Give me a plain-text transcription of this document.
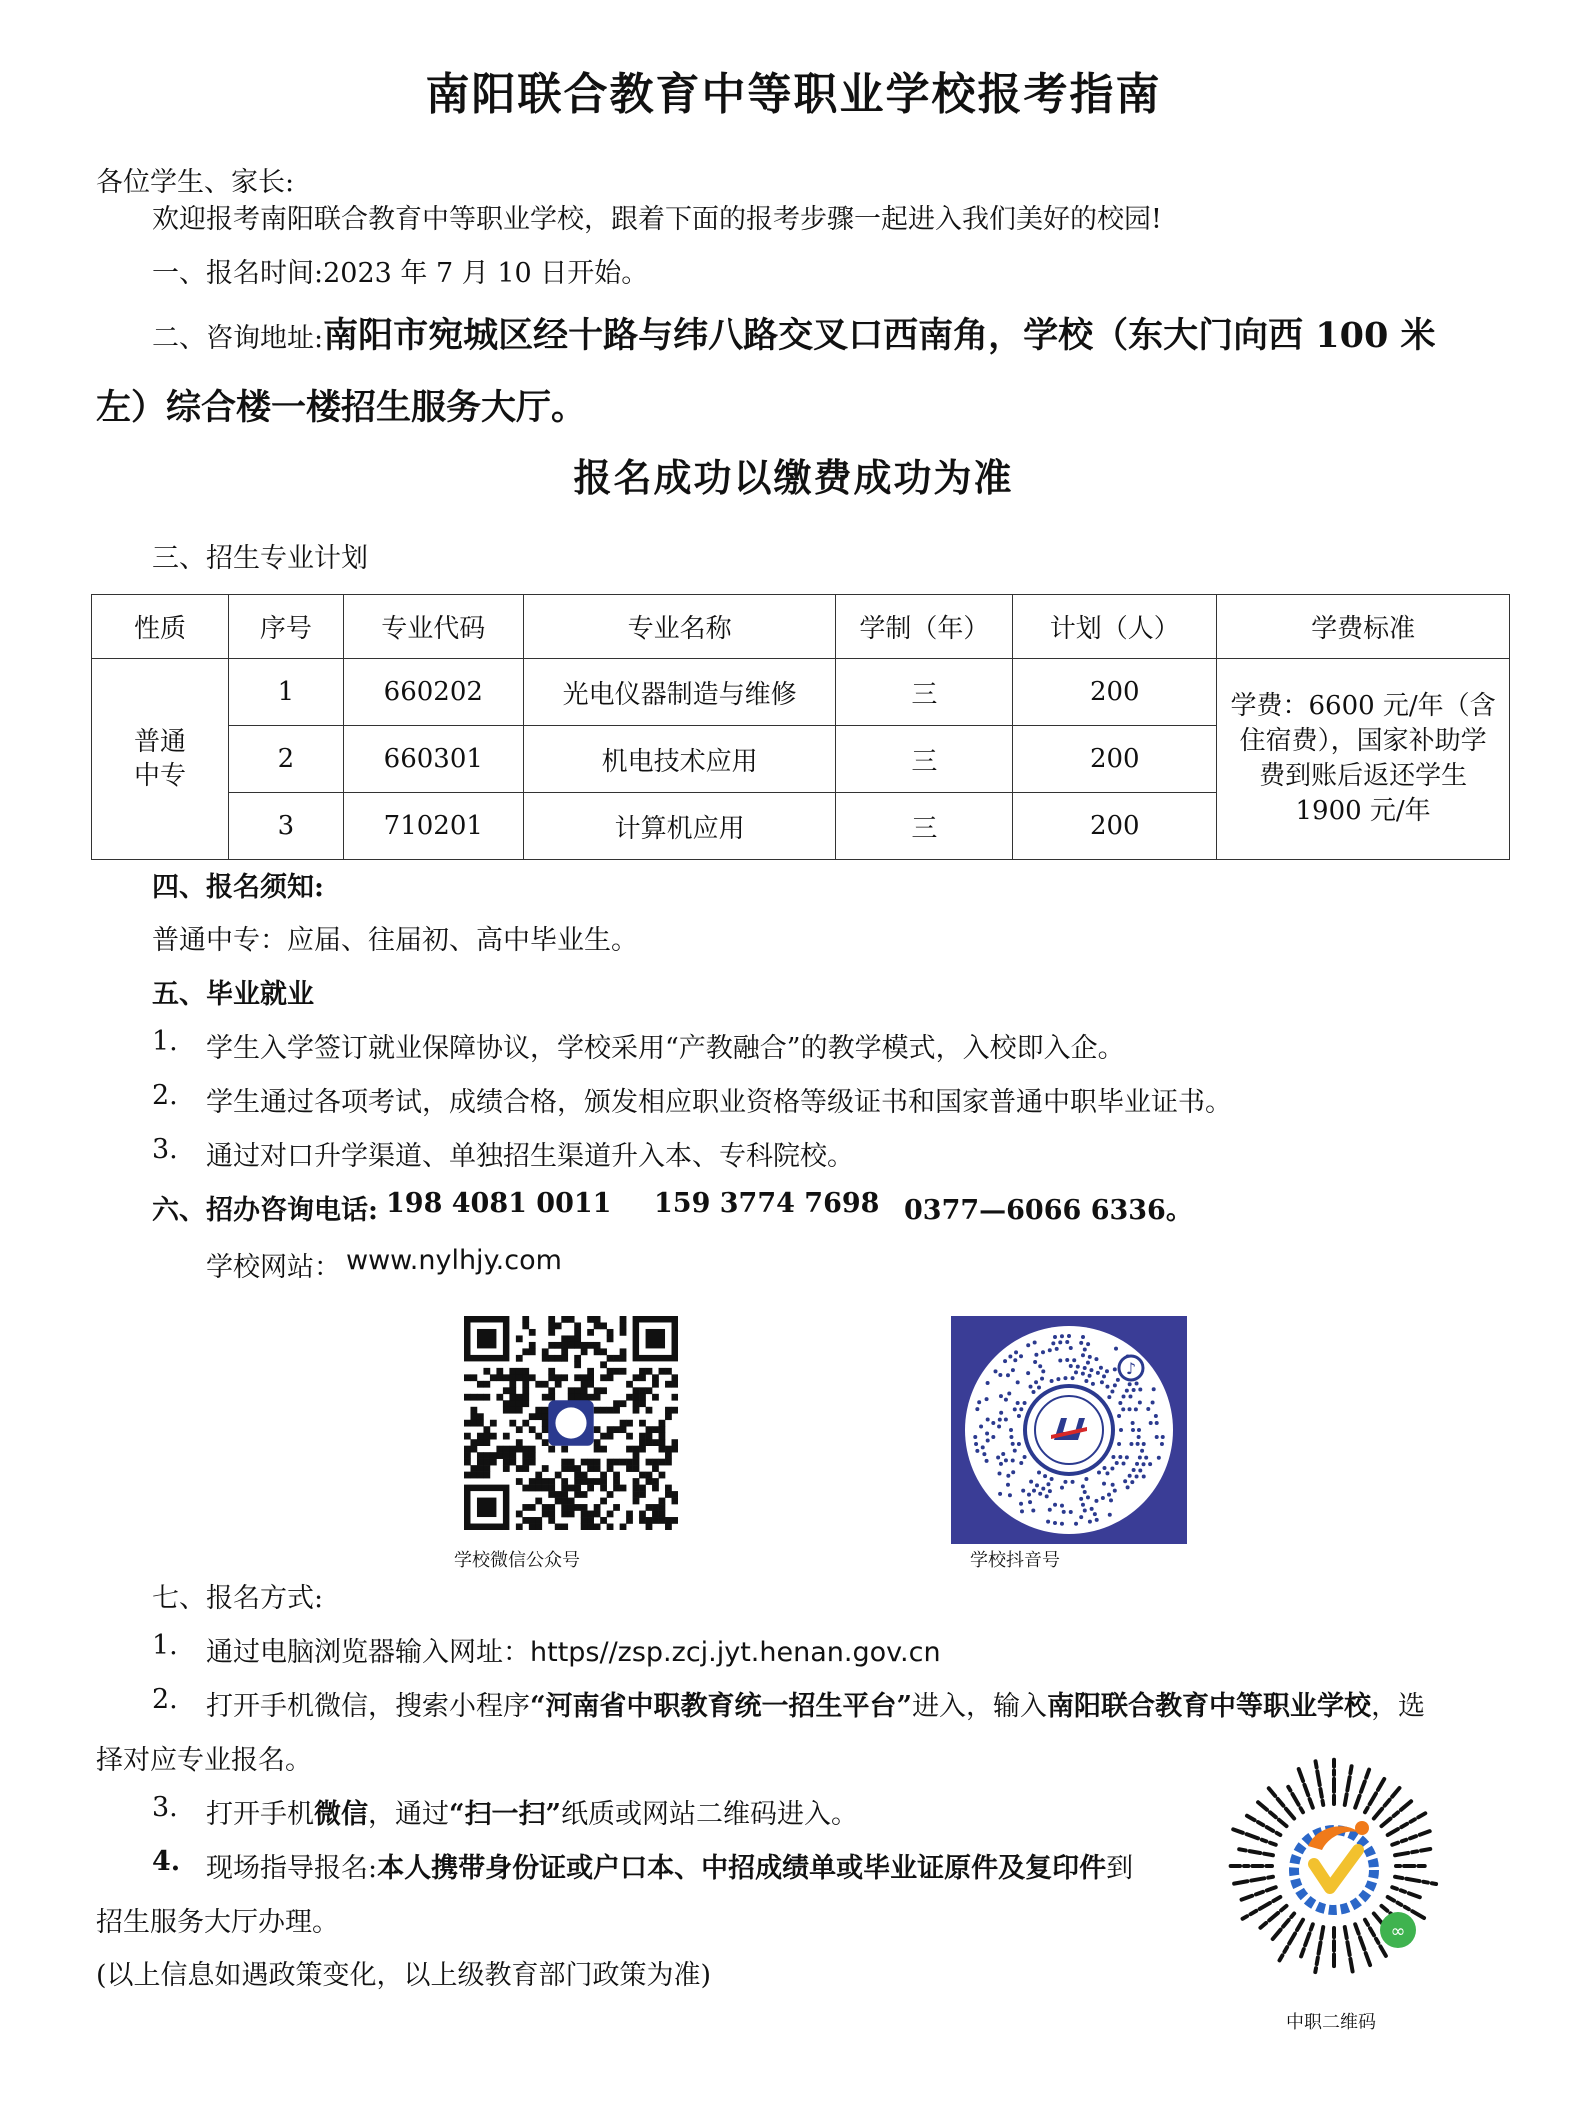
南阳联合教育中等职业学校报考指南
各位学生、家长:
欢迎报考南阳联合教育中等职业学校，跟着下面的报考步骤一起进入我们美好的校园!
一、报名时间:2023 年 7 月 10 日开始。
二、咨询地址:南阳市宛城区经十路与纬八路交叉口西南角，学校（东大门向西 100 米
左）综合楼一楼招生服务大厅。
报名成功以缴费成功为准
三、招生专业计划
性质	序号	专业代码	专业名称	学制（年）	计划（人）	学费标准

普通中专	1	660202	光电仪器制造与维修	三	200	学费：6600 元/年（含住宿费），国家补助学费到账后返还学生 1900 元/年

	2	660301	机电技术应用	三	200	
	3	710201	计算机应用	三	200	
四、报名须知:
普通中专：应届、往届初、高中毕业生。
五、毕业就业
1. 学生入学签订就业保障协议，学校采用“产教融合”的教学模式，入校即入企。
2. 学生通过各项考试，成绩合格，颁发相应职业资格等级证书和国家普通中职毕业证书。
3. 通过对口升学渠道、单独招生渠道升入本、专科院校。
六、招办咨询电话: 198 4081 0011 159 3774 7698 0377—6066 6336。
学校网站： www.nylhjy.com
学校微信公众号
♪
学校抖音号
七、报名方式:
1. 通过电脑浏览器输入网址：https//zsp.zcj.jyt.henan.gov.cn
2. 打开手机微信，搜索小程序“河南省中职教育统一招生平台”进入，输入南阳联合教育中等职业学校，选
择对应专业报名。
3. 打开手机微信，通过“扫一扫”纸质或网站二维码进入。
4. 现场指导报名:本人携带身份证或户口本、中招成绩单或毕业证原件及复印件到
招生服务大厅办理。
(以上信息如遇政策变化，以上级教育部门政策为准)
∞
中职二维码
